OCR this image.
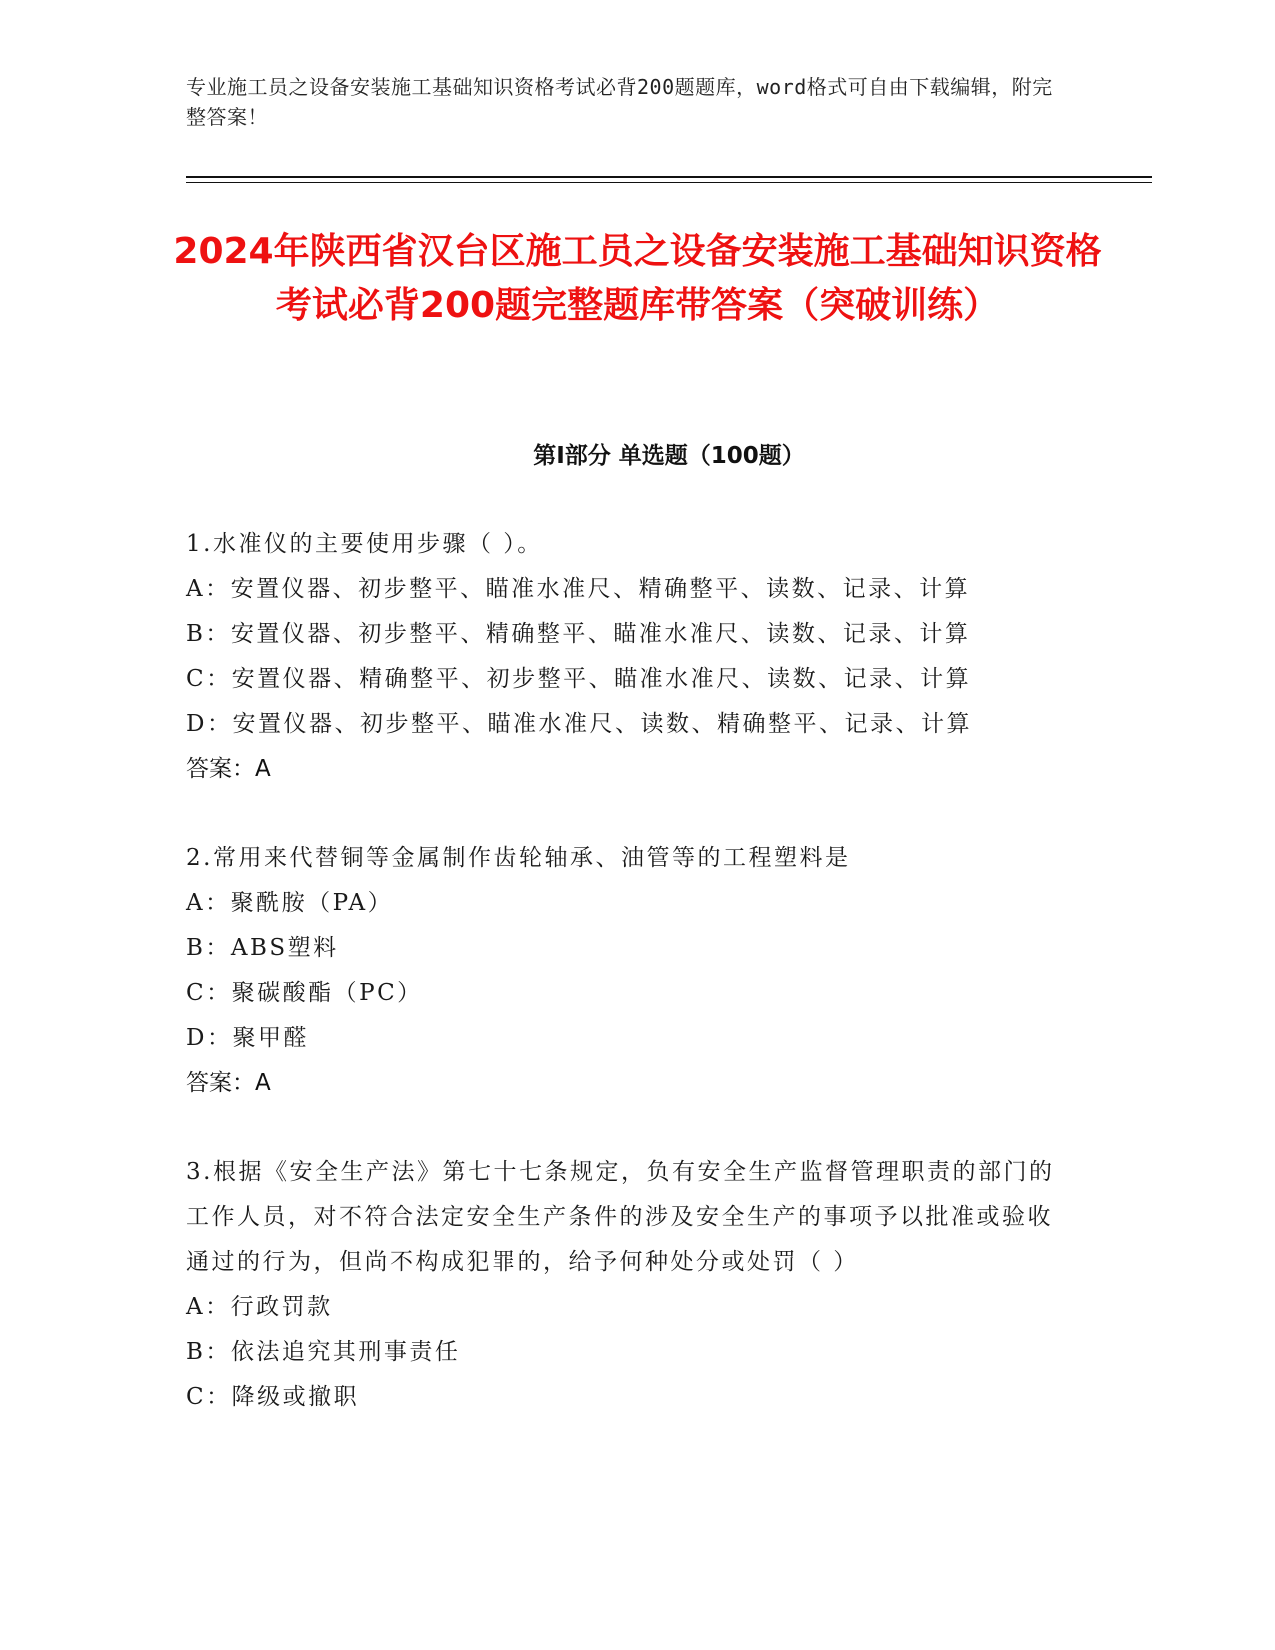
专业施工员之设备安装施工基础知识资格考试必背200题题库，word格式可自由下载编辑，附完整答案！
2024年陕西省汉台区施工员之设备安装施工基础知识资格考试必背200题完整题库带答案（突破训练）
第I部分 单选题（100题）

1.水准仪的主要使用步骤（ ）。

A：安置仪器、初步整平、瞄准水准尺、精确整平、读数、记录、计算

B：安置仪器、初步整平、精确整平、瞄准水准尺、读数、记录、计算

C：安置仪器、精确整平、初步整平、瞄准水准尺、读数、记录、计算

D：安置仪器、初步整平、瞄准水准尺、读数、精确整平、记录、计算

答案：A

2.常用来代替铜等金属制作齿轮轴承、油管等的工程塑料是

A：聚酰胺（PA）

B：ABS塑料

C：聚碳酸酯（PC）

D：聚甲醛

答案：A

3.根据《安全生产法》第七十七条规定，负有安全生产监督管理职责的部门的工作人员，对不符合法定安全生产条件的涉及安全生产的事项予以批准或验收通过的行为，但尚不构成犯罪的，给予何种处分或处罚（ ）

A：行政罚款

B：依法追究其刑事责任

C：降级或撤职
